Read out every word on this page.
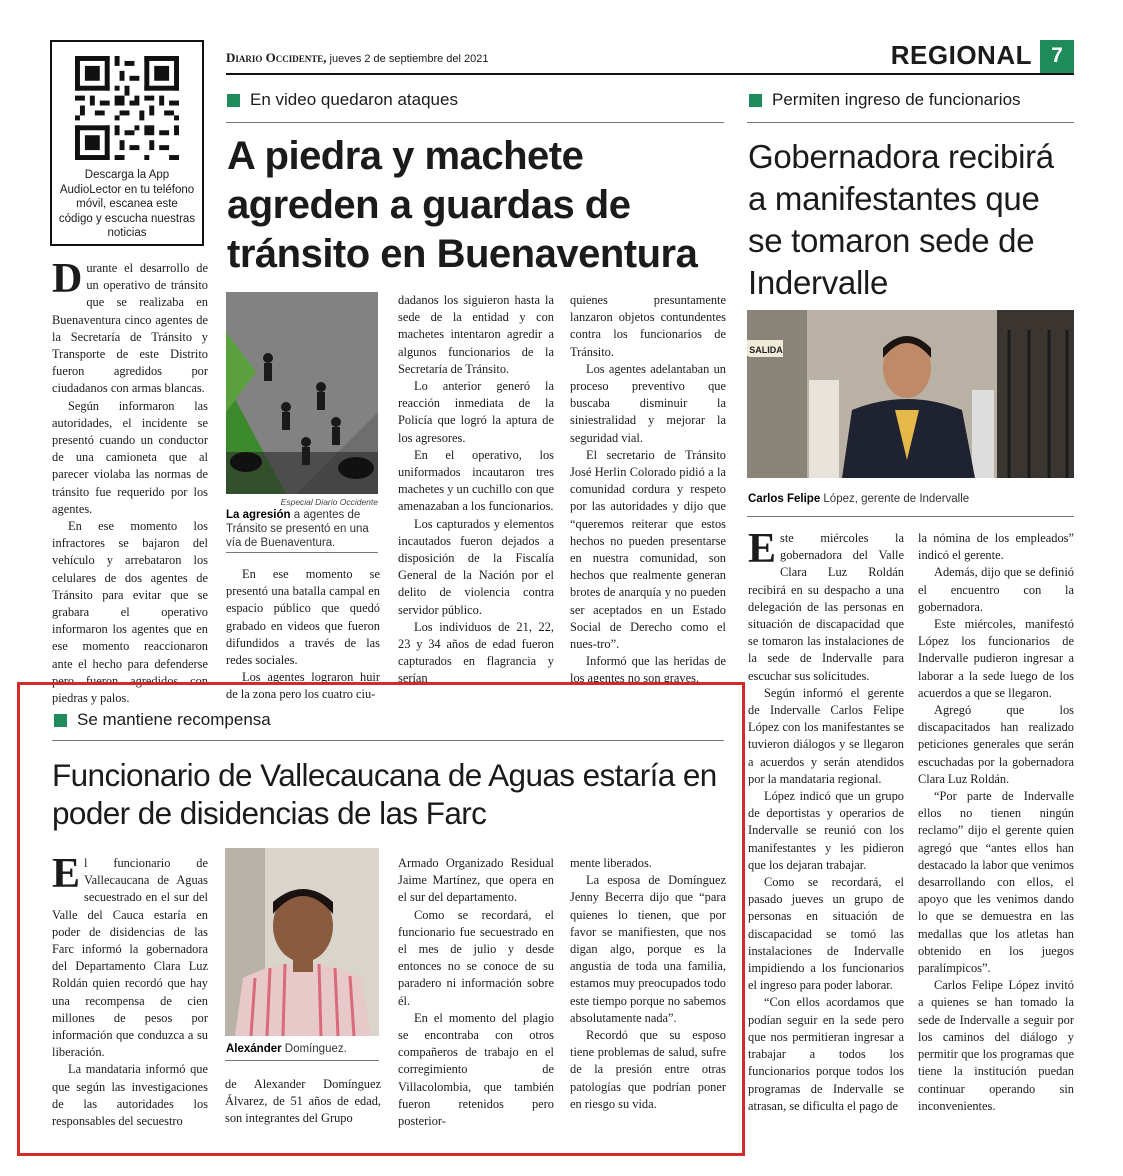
Descarga la App AudioLector en tu teléfono móvil, escanea este código y escucha nuestras noticias
Diario Occidente, jueves 2 de septiembre del 2021	REGIONAL 7
En video quedaron ataques
A piedra y machete agreden a guardas de tránsito en Buenaventura
D urante el desarrollo de un operativo de tránsito que se realizaba en Buenaventura cinco agentes de la Secretaría de Tránsito y Transporte de este Distrito fueron agredidos por ciudadanos con armas blancas.

Según informaron las autoridades, el incidente se presentó cuando un conductor de una camioneta que al parecer violaba las normas de tránsito fue requerido por los agentes.

En ese momento los infractores se bajaron del vehículo y arrebataron los celulares de dos agentes de Tránsito para evitar que se grabara el operativo informaron los agentes que en ese momento reaccionaron ante el hecho para defenderse pero fueron agredidos con piedras y palos.

Especial Diario Occidente
La agresión a agentes de Tránsito se presentó en una vía de Buenaventura.

En ese momento se presentó una batalla campal en espacio público que quedó grabado en videos que fueron difundidos a través de las redes sociales.

Los agentes lograron huir de la zona pero los cuatro ciu-

dadanos los siguieron hasta la sede de la entidad y con machetes intentaron agredir a algunos funcionarios de la Secretaría de Tránsito.

Lo anterior generó la reacción inmediata de la Policía que logró la aptura de los agresores.

En el operativo, los uniformados incautaron tres machetes y un cuchillo con que amenazaban a los funcionarios.

Los capturados y elementos incautados fueron dejados a disposición de la Fiscalía General de la Nación por el delito de violencia contra servidor público.

Los individuos de 21, 22, 23 y 34 años de edad fueron capturados en flagrancia y serían

quienes presuntamente lanzaron objetos contundentes contra los funcionarios de Tránsito.

Los agentes adelantaban un proceso preventivo que buscaba disminuir la siniestralidad y mejorar la seguridad vial.

El secretario de Tránsito José Herlin Colorado pidió a la comunidad cordura y respeto por las autoridades y dijo que “queremos reiterar que estos hechos no pueden presentarse en nuestra comunidad, son hechos que realmente generan brotes de anarquía y no pueden ser aceptados en un Estado Social de Derecho como el nues-tro”.

Informó que las heridas de los agentes no son graves.

Permiten ingreso de funcionarios
Gobernadora recibirá a manifestantes que se tomaron sede de Indervalle
SALIDA
Carlos Felipe López, gerente de Indervalle
E ste miércoles la gobernadora del Valle Clara Luz Roldán recibirá en su despacho a una delegación de las personas en situación de discapacidad que se tomaron las instalaciones de la sede de Indervalle para escuchar sus solicitudes.

Según informó el gerente de Indervalle Carlos Felipe López con los manifestantes se tuvieron diálogos y se llegaron a acuerdos y serán atendidos por la mandataria regional.

López indicó que un grupo de deportistas y operarios de Indervalle se reunió con los manifestantes y les pidieron que los dejaran trabajar.

Como se recordará, el pasado jueves un grupo de personas en situación de discapacidad se tomó las instalaciones de Indervalle impidiendo a los funcionarios el ingreso para poder laborar.

“Con ellos acordamos que podían seguir en la sede pero que nos permitieran ingresar a trabajar a todos los funcionarios porque todos los programas de Indervalle se atrasan, se dificulta el pago de

la nómina de los empleados” indicó el gerente.

Además, dijo que se definió el encuentro con la gobernadora.

Este miércoles, manifestó López los funcionarios de Indervalle pudieron ingresar a laborar a la sede luego de los acuerdos a que se llegaron.

Agregó que los discapacitados han realizado peticiones generales que serán escuchadas por la gobernadora Clara Luz Roldán.

“Por parte de Indervalle ellos no tienen ningún reclamo” dijo el gerente quien agregó que “antes ellos han destacado la labor que venimos desarrollando con ellos, el apoyo que les venimos dando lo que se demuestra en las medallas que los atletas han obtenido en los juegos paralímpicos”.

Carlos Felipe López invitó a quienes se han tomado la sede de Indervalle a seguir por los caminos del diálogo y permitir que los programas que tiene la institución puedan continuar operando sin inconvenientes.

Se mantiene recompensa
Funcionario de Vallecaucana de Aguas estaría en poder de disidencias de las Farc
E l funcionario de Vallecaucana de Aguas secuestrado en el sur del Valle del Cauca estaría en poder de disidencias de las Farc informó la gobernadora del Departamento Clara Luz Roldán quien recordó que hay una recompensa de cien millones de pesos por información que conduzca a su liberación.

La mandataria informó que que según las investigaciones de las autoridades los responsables del secuestro

Alexánder Domínguez.

de Alexander Domínguez Álvarez, de 51 años de edad, son integrantes del Grupo

Armado Organizado Residual Jaime Martínez, que opera en el sur del departamento.

Como se recordará, el funcionario fue secuestrado en el mes de julio y desde entonces no se conoce de su paradero ni información sobre él.

En el momento del plagio se encontraba con otros compañeros de trabajo en el corregimiento de Villacolombia, que también fueron retenidos pero posterior-

mente liberados.

La esposa de Domínguez Jenny Becerra dijo que “para quienes lo tienen, que por favor se manifiesten, que nos digan algo, porque es la angustia de toda una familia, estamos muy preocupados todo este tiempo porque no sabemos absolutamente nada”.

Recordó que su esposo tiene problemas de salud, sufre de la presión entre otras patologías que podrían poner en riesgo su vida.
